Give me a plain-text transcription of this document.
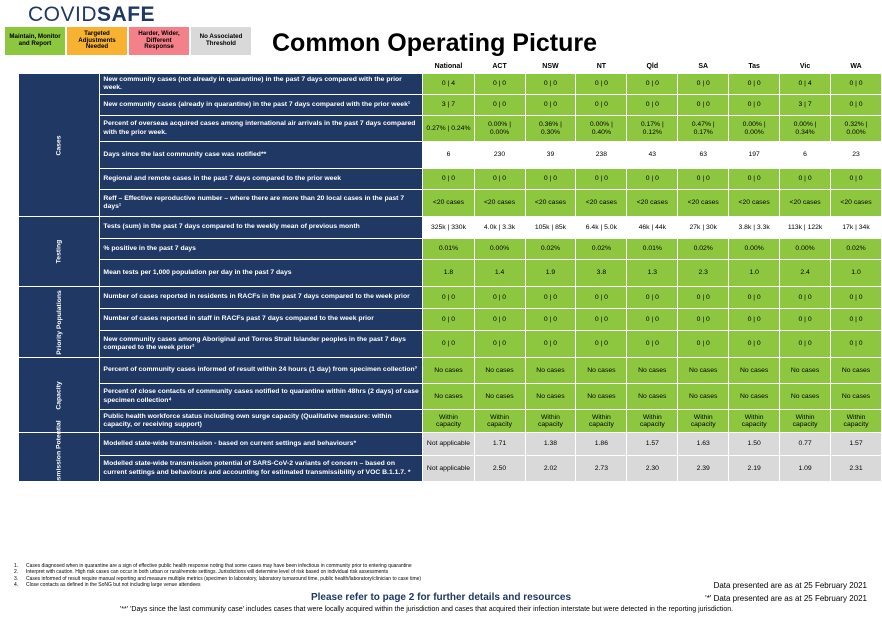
COVIDSAFE
Maintain, Monitor and Report
Targeted Adjustments Needed
Harder, Wider, Different Response
No Associated Threshold	Common Operating Picture
		National	ACT	NSW	NT	Qld	SA	Tas	Vic	WA
Cases	New community cases (not already in quarantine) in the past 7 days compared with the prior week.	0 | 4	0 | 0	0 | 0	0 | 0	0 | 0	0 | 0	0 | 0	0 | 4	0 | 0
	New community cases (already in quarantine) in the past 7 days compared with the prior week¹	3 | 7	0 | 0	0 | 0	0 | 0	0 | 0	0 | 0	0 | 0	3 | 7	0 | 0
	Percent of overseas acquired cases among international air arrivals in the past 7 days compared with the prior week.	0.27% | 0.24%	0.00% | 0.00%	0.36% | 0.30%	0.00% | 0.40%	0.17% | 0.12%	0.47% | 0.17%	0.00% | 0.00%	0.00% | 0.34%	0.32% | 0.00%
	Days since the last community case was notified**	6	230	39	238	43	63	197	6	23
	Regional and remote cases in the past 7 days compared to the prior week	0 | 0	0 | 0	0 | 0	0 | 0	0 | 0	0 | 0	0 | 0	0 | 0	0 | 0
	Reff – Effective reproductive number – where there are more than 20 local cases in the past 7 days¹	<20 cases	<20 cases	<20 cases	<20 cases	<20 cases	<20 cases	<20 cases	<20 cases	<20 cases
Testing	Tests (sum) in the past 7 days compared to the weekly mean of previous month	325k | 330k	4.0k | 3.3k	105k | 85k	6.4k | 5.0k	46k | 44k	27k | 30k	3.8k | 3.3k	113k | 122k	17k | 34k
	% positive in the past 7 days	0.01%	0.00%	0.02%	0.02%	0.01%	0.02%	0.00%	0.00%	0.02%
	Mean tests per 1,000 population per day in the past 7 days	1.8	1.4	1.9	3.8	1.3	2.3	1.0	2.4	1.0
Priority Populations	Number of cases reported in residents in RACFs in the past 7 days compared to the week prior	0 | 0	0 | 0	0 | 0	0 | 0	0 | 0	0 | 0	0 | 0	0 | 0	0 | 0
	Number of cases reported in staff in RACFs past 7 days compared to the week prior	0 | 0	0 | 0	0 | 0	0 | 0	0 | 0	0 | 0	0 | 0	0 | 0	0 | 0
	New community cases among Aboriginal and Torres Strait Islander peoples in the past 7 days compared to the week prior²	0 | 0	0 | 0	0 | 0	0 | 0	0 | 0	0 | 0	0 | 0	0 | 0	0 | 0
Capacity	Percent of community cases informed of result within 24 hours (1 day) from specimen collection³	No cases	No cases	No cases	No cases	No cases	No cases	No cases	No cases	No cases
	Percent of close contacts of community cases notified to quarantine within 48hrs (2 days) of case specimen collection⁴	No cases	No cases	No cases	No cases	No cases	No cases	No cases	No cases	No cases
	Public health workforce status including own surge capacity (Qualitative measure: within capacity, or receiving support)	Within capacity	Within capacity	Within capacity	Within capacity	Within capacity	Within capacity	Within capacity	Within capacity	Within capacity
Transmission Potential	Modelled state-wide transmission - based on current settings and behaviours*	Not applicable	1.71	1.38	1.86	1.57	1.63	1.50	0.77	1.57
	Modelled state-wide transmission potential of SARS-CoV-2 variants of concern – based on current settings and behaviours and accounting for estimated transmissibility of VOC B.1.1.7. *	Not applicable	2.50	2.02	2.73	2.30	2.39	2.19	1.09	2.31
1.	Cases diagnosed when in quarantine are a sign of effective public health response noting that some cases may have been infectious in community prior to entering quarantine
2.	Interpret with caution. High risk cases can occur in both urban or rural/remote settings. Jurisdictions will determine level of risk based on individual risk assessments
3.	Cases informed of result require manual reporting and measure multiple metrics (specimen to laboratory, laboratory turnaround time, public health/laboratory/clinician to case time)
4.	Close contacts as defined in the SoNG but not including large venue attendees	Data presented are as at 25 February 2021
Please refer to page 2 for further details and resources	'*' Data presented are as at 25 February 2021
'**' 'Days since the last community case' includes cases that were locally acquired within the jurisdiction and cases that acquired their infection interstate but were detected in the reporting jurisdiction.
